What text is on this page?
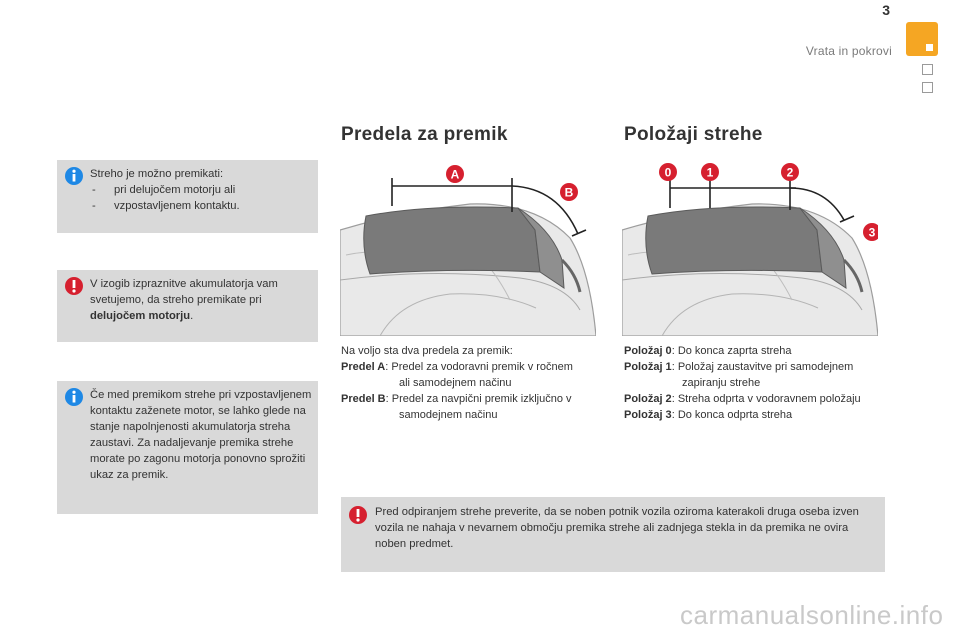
3
Vrata in pokrovi
Streho je možno premikati:
-	pri delujočem motorju ali
-	vzpostavljenem kontaktu.
V izogib izpraznitve akumulatorja vam svetujemo, da streho premikate pri delujočem motorju.
Če med premikom strehe pri vzpostavljenem kontaktu zaženete motor, se lahko glede na stanje napolnjenosti akumulatorja streha zaustavi. Za nadaljevanje premika strehe morate po zagonu motorja ponovno sprožiti ukaz za premik.
Predela za premik
A
B
Na voljo sta dva predela za premik:
Predel A: Predel za vodoravni premik v ročnem
ali samodejnem načinu
Predel B: Predel za navpični premik izključno v
samodejnem načinu
Položaji strehe
0	1	2
3
Položaj 0: Do konca zaprta streha
Položaj 1: Položaj zaustavitve pri samodejnem
zapiranju strehe
Položaj 2: Streha odprta v vodoravnem položaju
Položaj 3: Do konca odprta streha
Pred odpiranjem strehe preverite, da se noben potnik vozila oziroma katerakoli druga oseba izven vozila ne nahaja v nevarnem območju premika strehe ali zadnjega stekla in da premika ne ovira noben predmet.
carmanualsonline.info
